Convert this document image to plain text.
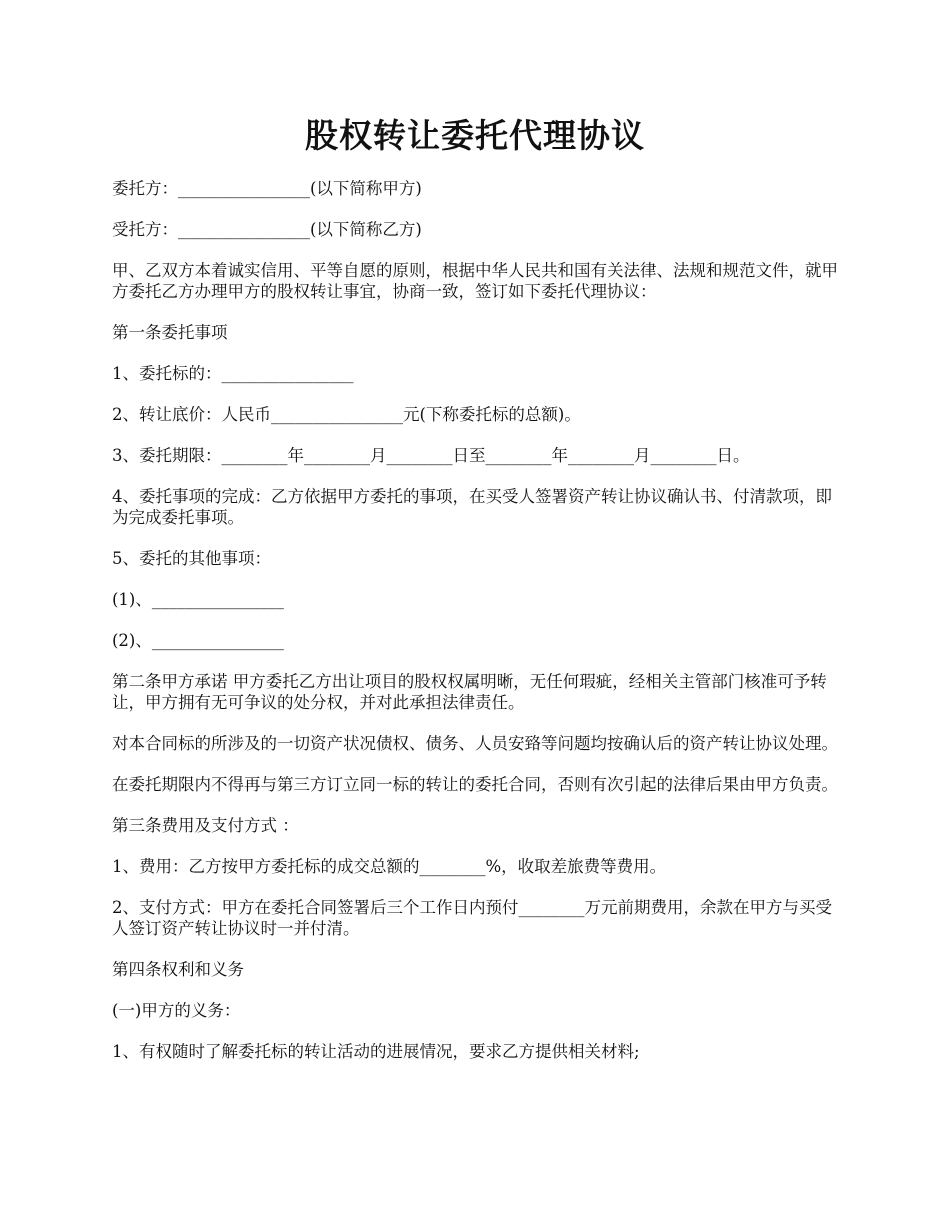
股权转让委托代理协议

委托方：________________(以下简称甲方)

受托方：________________(以下简称乙方)

甲、乙双方本着诚实信用、平等自愿的原则，根据中华人民共和国有关法律、法规和规范文件，就甲方委托乙方办理甲方的股权转让事宜，协商一致，签订如下委托代理协议：

第一条委托事项

1、委托标的：________________

2、转让底价：人民币________________元(下称委托标的总额)。

3、委托期限：________年________月________日至________年________月________日。

4、委托事项的完成：乙方依据甲方委托的事项，在买受人签署资产转让协议确认书、付清款项，即为完成委托事项。

5、委托的其他事项：

(1)、________________

(2)、________________

第二条甲方承诺 甲方委托乙方出让项目的股权权属明晰，无任何瑕疵，经相关主管部门核准可予转让，甲方拥有无可争议的处分权，并对此承担法律责任。

对本合同标的所涉及的一切资产状况债权、债务、人员安臵等问题均按确认后的资产转让协议处理。

在委托期限内不得再与第三方订立同一标的转让的委托合同，否则有次引起的法律后果由甲方负责。

第三条费用及支付方式 ：

1、费用：乙方按甲方委托标的成交总额的________%，收取差旅费等费用。

2、支付方式：甲方在委托合同签署后三个工作日内预付________万元前期费用，余款在甲方与买受人签订资产转让协议时一并付清。

第四条权利和义务

(一)甲方的义务：

1、有权随时了解委托标的转让活动的进展情况，要求乙方提供相关材料;
